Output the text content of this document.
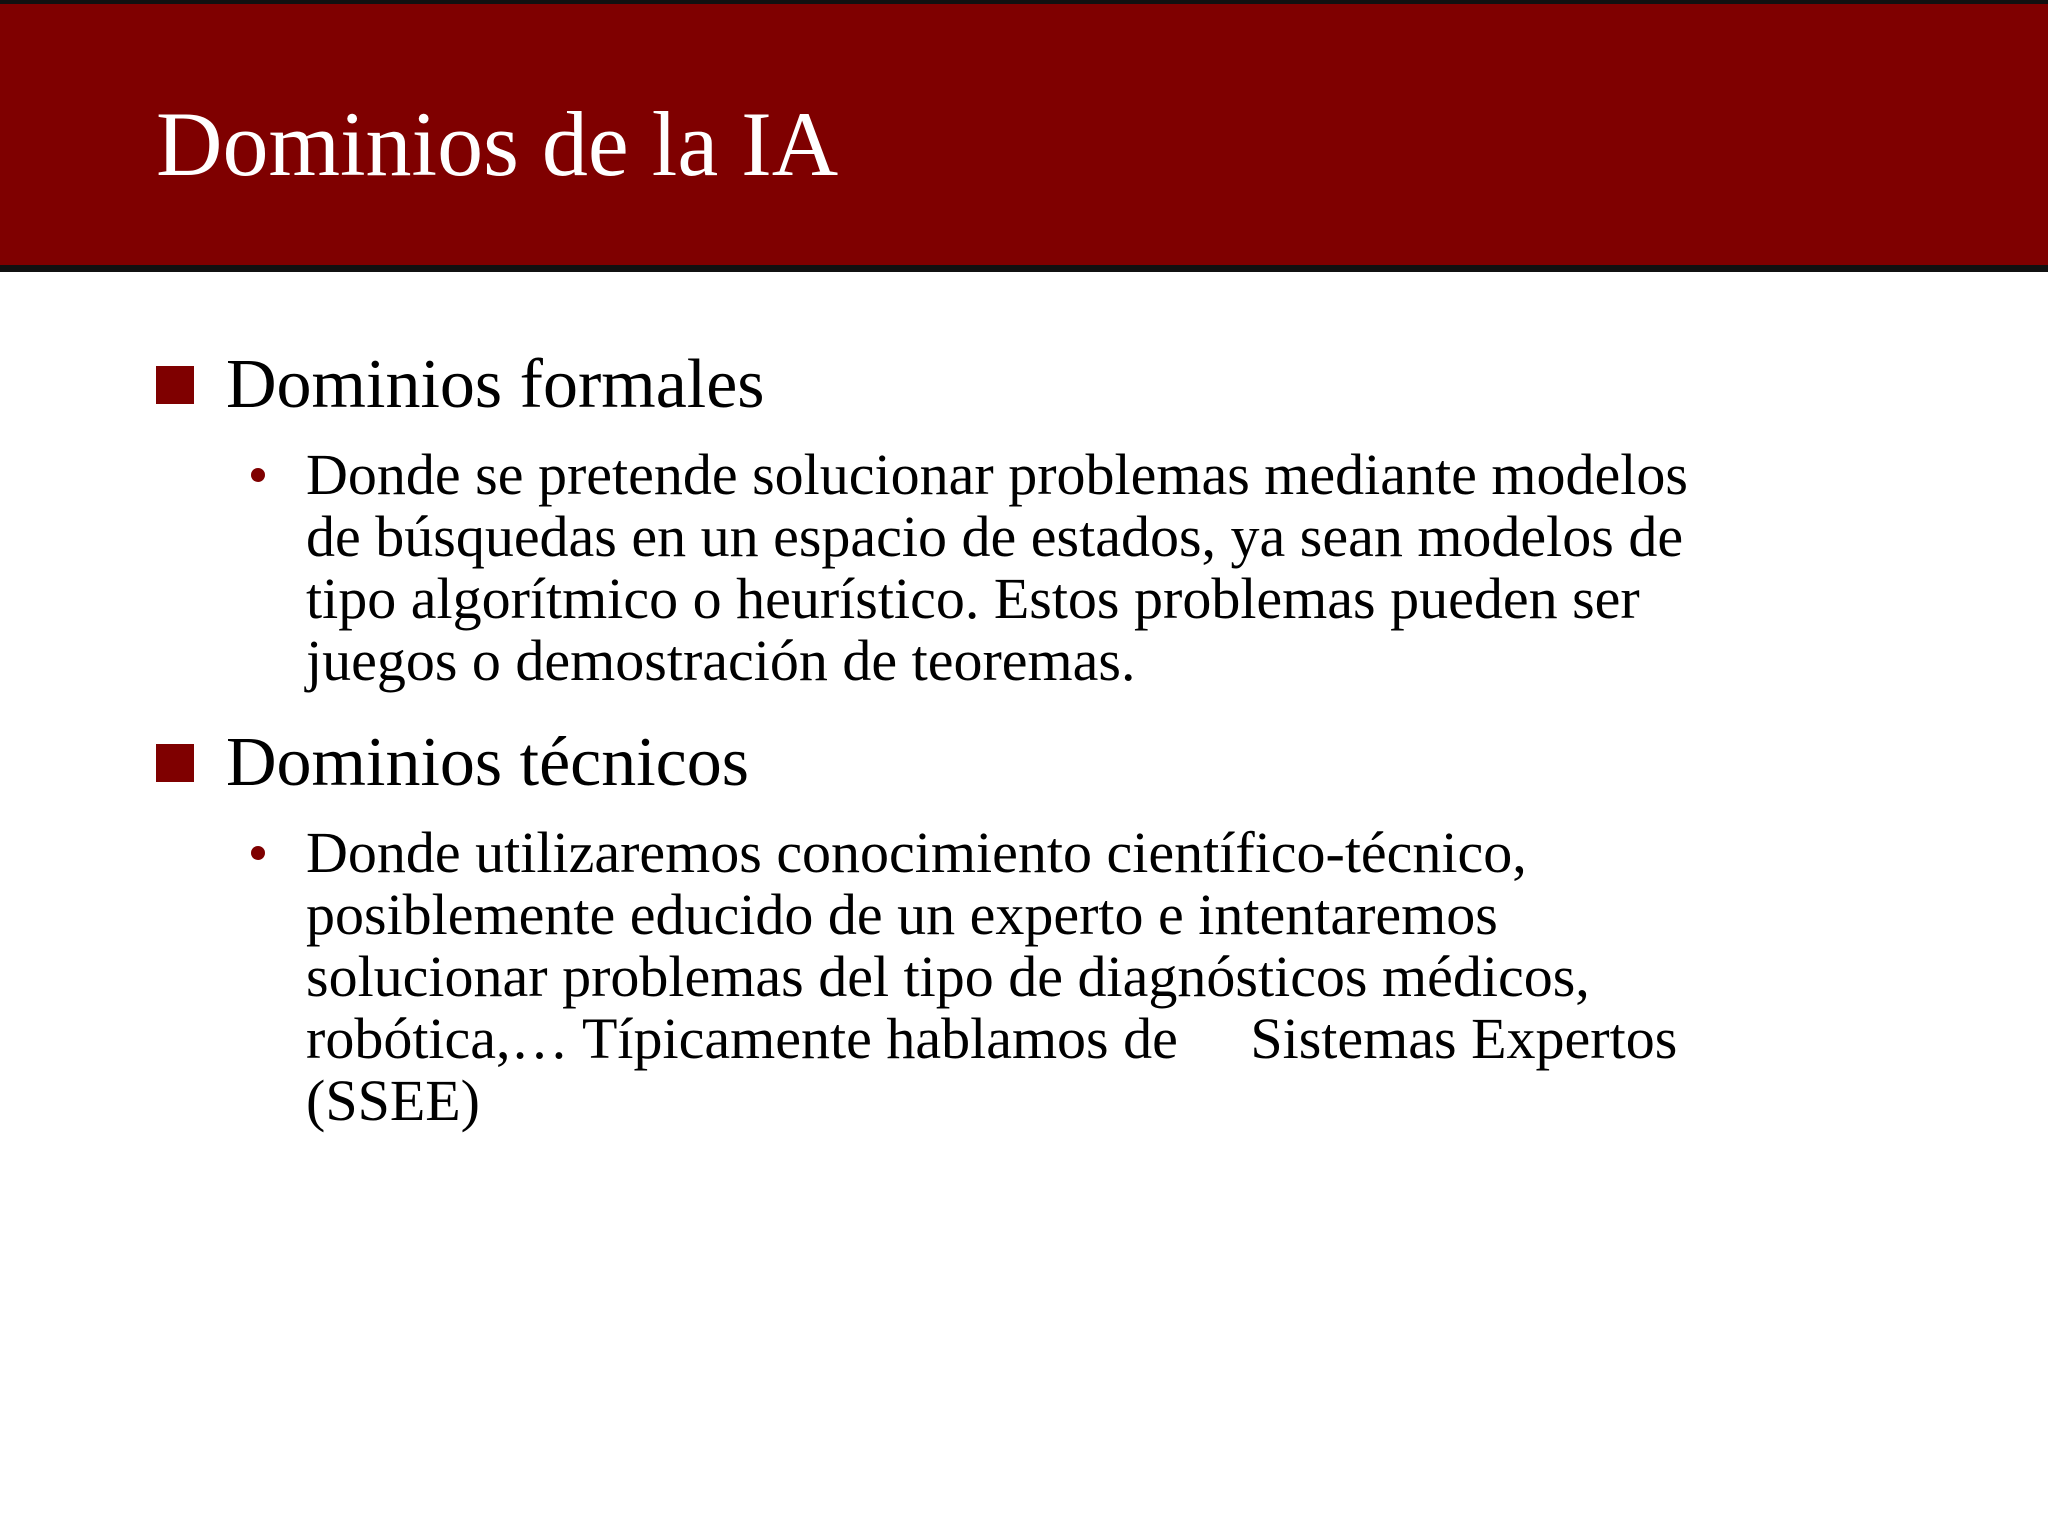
Dominios de la IA
Dominios formales
Donde se pretende solucionar problemas mediante modelos
de búsquedas en un espacio de estados, ya sean modelos de
tipo algorítmico o heurístico. Estos problemas pueden ser
juegos o demostración de teoremas.
Dominios técnicos
Donde utilizaremos conocimiento científico-técnico,
posiblemente educido de un experto e intentaremos
solucionar problemas del tipo de diagnósticos médicos,
robótica,… Típicamente hablamos de     Sistemas Expertos
(SSEE)
